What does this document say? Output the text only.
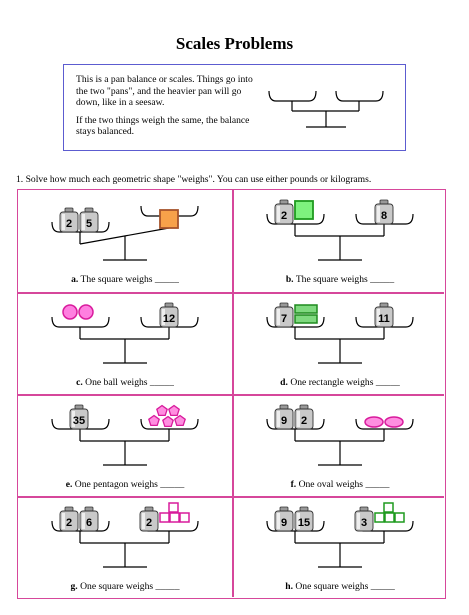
Scales Problems

This is a pan balance or scales. Things go into the two "pans", and the heavier pan will go down, like in a seesaw.

If the two things weigh the same, the balance stays balanced.

1. Solve how much each geometric shape "weighs". You can use either pounds or kilograms.
2 5
a. The square weighs _____
2	8
b. The square weighs _____
12
c. One ball weighs _____
7	11
d. One rectangle weighs _____
35
e. One pentagon weighs _____
9 2
f. One oval weighs _____
2 6	2
g. One square weighs _____
9 15	3
h. One square weighs _____
